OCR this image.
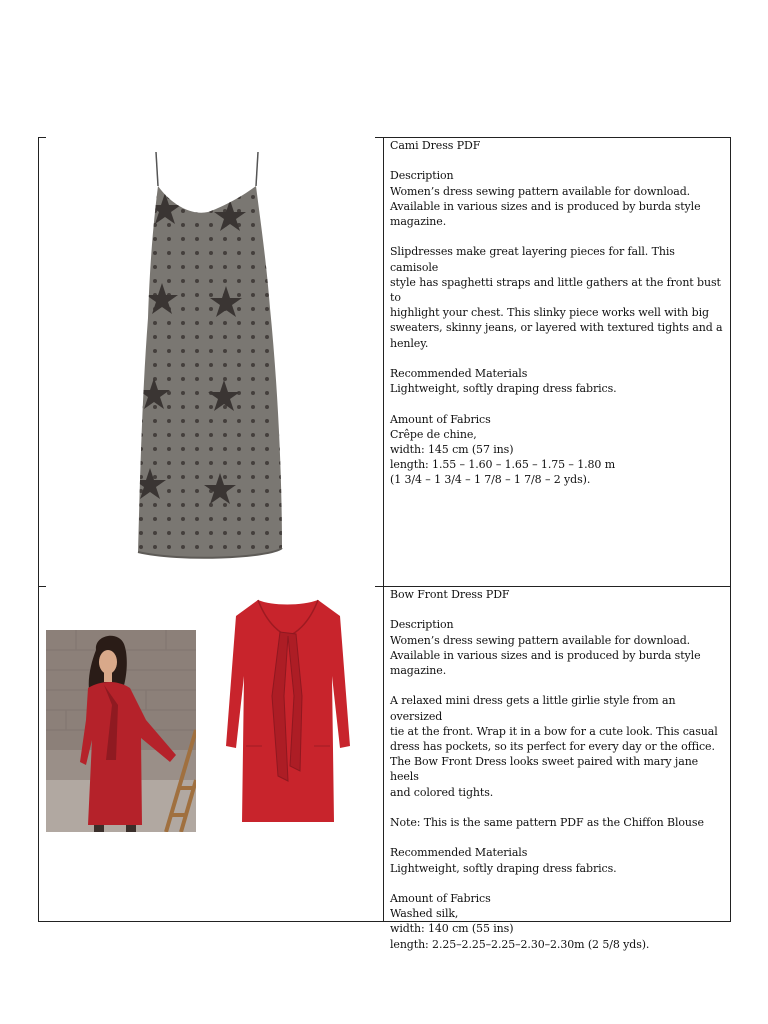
Cami Dress PDF

Description

Women’s dress sewing pattern available for download.

Available in various sizes and is produced by burda style

magazine.

Slipdresses make great layering pieces for fall. This camisole

style has spaghetti straps and little gathers at the front bust to

highlight your chest. This slinky piece works well with big

sweaters, skinny jeans, or layered with textured tights and a

henley.

Recommended Materials

Lightweight, softly draping dress fabrics.

Amount of Fabrics

Crêpe de chine,

width: 145 cm (57 ins)

length: 1.55 – 1.60 – 1.65 – 1.75 – 1.80 m

(1 3/4 – 1 3/4 – 1 7/8 – 1 7/8 – 2 yds).

Bow Front Dress PDF

Description

Women’s dress sewing pattern available for download.

Available in various sizes and is produced by burda style

magazine.

A relaxed mini dress gets a little girlie style from an oversized

tie at the front. Wrap it in a bow for a cute look. This casual

dress has pockets, so its perfect for every day or the office.

The Bow Front Dress looks sweet paired with mary jane heels

and colored tights.

Note: This is the same pattern PDF as the Chiffon Blouse

Recommended Materials

Lightweight, softly draping dress fabrics.

Amount of Fabrics

Washed silk,

width: 140 cm (55 ins)

length: 2.25–2.25–2.25–2.30–2.30m (2 5/8 yds).
